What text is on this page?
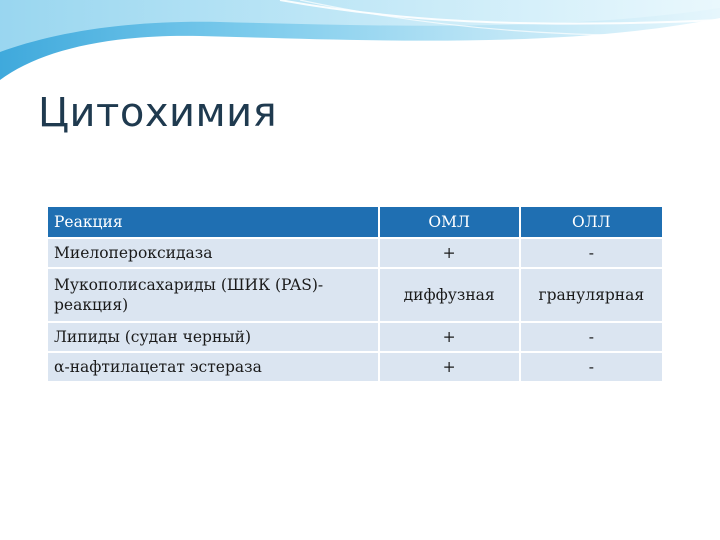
Цитохимия
Реакция	ОМЛ	ОЛЛ
Миелопероксидаза	+	-
Мукополисахариды (ШИК (PAS)-реакция)	диффузная	гранулярная
Липиды (судан черный)	+	-
α-нафтилацетат эстераза	+	-
